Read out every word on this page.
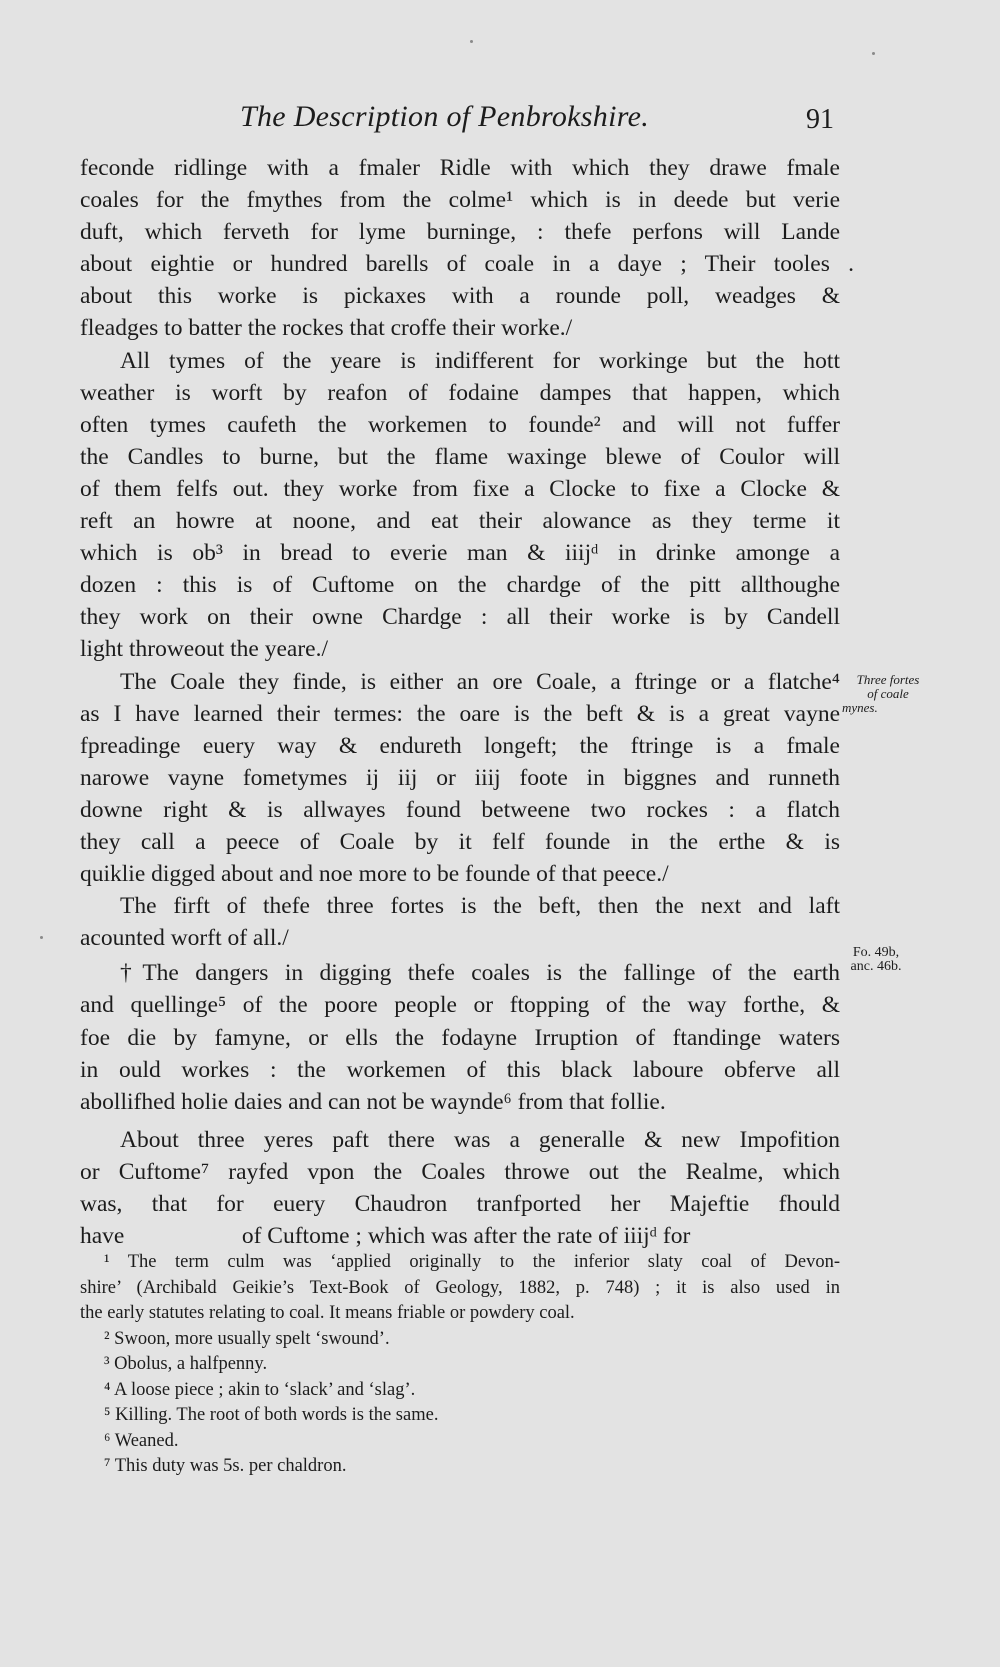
The Description of Penbrokshire.	91
feconde ridlinge with a fmaler Ridle with which they drawe fmale
coales for the fmythes from the colme¹ which is in deede but verie
duft, which ferveth for lyme burninge, : thefe perfons will Lande
about eightie or hundred barells of coale in a daye ; Their tooles .
about this worke is pickaxes with a rounde poll, weadges &
fleadges to batter the rockes that croffe their worke./
All tymes of the yeare is indifferent for workinge but the hott
weather is worft by reafon of fodaine dampes that happen, which
often tymes caufeth the workemen to founde² and will not fuffer
the Candles to burne, but the flame waxinge blewe of Coulor will
of them felfs out. they worke from fixe a Clocke to fixe a Clocke &
reft an howre at noone, and eat their alowance as they terme it
which is ob³ in bread to everie man & iiijᵈ in drinke amonge a
dozen : this is of Cuftome on the chardge of the pitt allthoughe
they work on their owne Chardge : all their worke is by Candell
light throweout the yeare./
The Coale they finde, is either an ore Coale, a ftringe or a flatche⁴
as I have learned their termes: the oare is the beft & is a great vayne
fpreadinge euery way & endureth longeft; the ftringe is a fmale
narowe vayne fometymes ij iij or iiij foote in biggnes and runneth
downe right & is allwayes found betweene two rockes : a flatch
they call a peece of Coale by it felf founde in the erthe & is
quiklie digged about and noe more to be founde of that peece./
The firft of thefe three fortes is the beft, then the next and laft
acounted worft of all./
†The dangers in digging thefe coales is the fallinge of the earth
and quellinge⁵ of the poore people or ftopping of the way forthe, &
foe die by famyne, or ells the fodayne Irruption of ftandinge waters
in ould workes : the workemen of this black laboure obferve all
abollifhed holie daies and can not be waynde⁶ from that follie.
About three yeres paft there was a generalle & new Impofition
or Cuftome⁷ rayfed vpon the Coales throwe out the Realme, which
was, that for euery Chaudron tranfported her Majeftie fhould
have                    of Cuftome ; which was after the rate of iiijᵈ for
Three fortes
of coale
mynes.
Fo. 49b,
anc. 46b.
¹ The term culm was ‘applied originally to the inferior slaty coal of Devon-
shire’ (Archibald Geikie’s Text-Book of Geology, 1882, p. 748) ; it is also used in
the early statutes relating to coal. It means friable or powdery coal.
² Swoon, more usually spelt ‘swound’.
³ Obolus, a halfpenny.
⁴ A loose piece ; akin to ‘slack’ and ‘slag’.
⁵ Killing. The root of both words is the same.
⁶ Weaned.
⁷ This duty was 5s. per chaldron.
